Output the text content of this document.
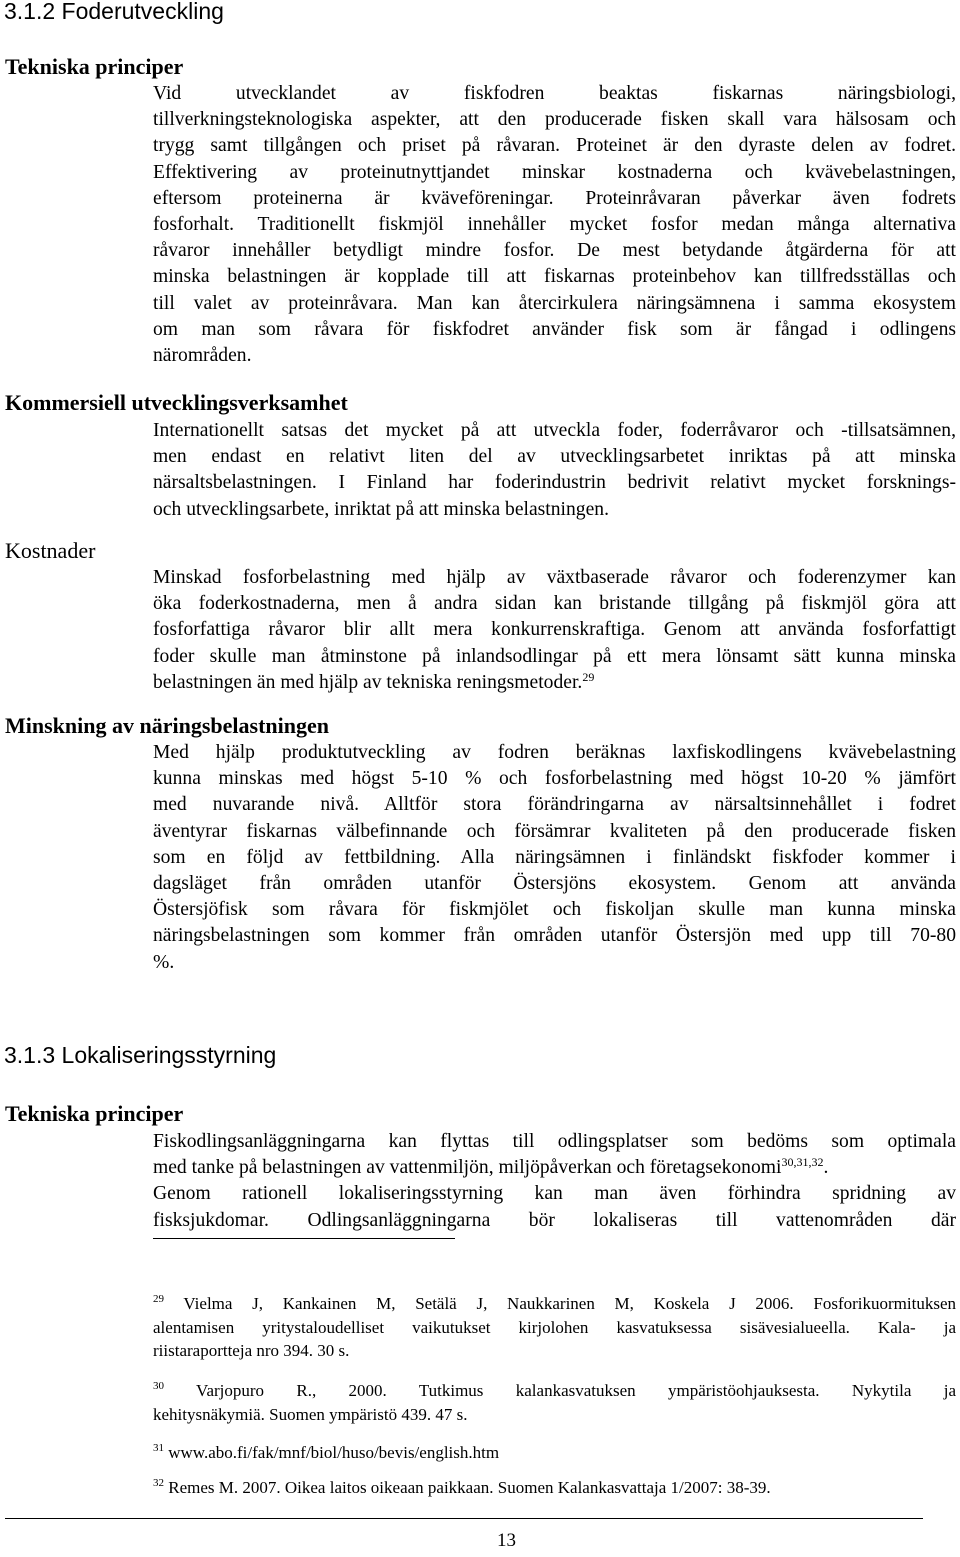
3.1.2 Foderutveckling
Tekniska principer
Vid utvecklandet av fiskfodren beaktas fiskarnas näringsbiologi,
tillverkningsteknologiska aspekter, att den producerade fisken skall vara hälsosam och
trygg samt tillgången och priset på råvaran. Proteinet är den dyraste delen av fodret.
Effektivering av proteinutnyttjandet minskar kostnaderna och kvävebelastningen,
eftersom proteinerna är kväveföreningar. Proteinråvaran påverkar även fodrets
fosforhalt. Traditionellt fiskmjöl innehåller mycket fosfor medan många alternativa
råvaror innehåller betydligt mindre fosfor. De mest betydande åtgärderna för att
minska belastningen är kopplade till att fiskarnas proteinbehov kan tillfredsställas och
till valet av proteinråvara. Man kan återcirkulera näringsämnena i samma ekosystem
om man som råvara för fiskfodret använder fisk som är fångad i odlingens
närområden.
Kommersiell utvecklingsverksamhet
Internationellt satsas det mycket på att utveckla foder, foderråvaror och -tillsatsämnen,
men endast en relativt liten del av utvecklingsarbetet inriktas på att minska
närsaltsbelastningen. I Finland har foderindustrin bedrivit relativt mycket forsknings-
och utvecklingsarbete, inriktat på att minska belastningen.
Kostnader
Minskad fosforbelastning med hjälp av växtbaserade råvaror och foderenzymer kan
öka foderkostnaderna, men å andra sidan kan bristande tillgång på fiskmjöl göra att
fosforfattiga råvaror blir allt mera konkurrenskraftiga. Genom att använda fosforfattigt
foder skulle man åtminstone på inlandsodlingar på ett mera lönsamt sätt kunna minska
belastningen än med hjälp av tekniska reningsmetoder.$^{29}$
Minskning av näringsbelastningen
Med hjälp produktutveckling av fodren beräknas laxfiskodlingens kvävebelastning
kunna minskas med högst 5-10 % och fosforbelastning med högst 10-20 % jämfört
med nuvarande nivå. Alltför stora förändringarna av närsaltsinnehållet i fodret
äventyrar fiskarnas välbefinnande och försämrar kvaliteten på den producerade fisken
som en följd av fettbildning. Alla näringsämnen i finländskt fiskfoder kommer i
dagsläget från områden utanför Östersjöns ekosystem. Genom att använda
Östersjöfisk som råvara för fiskmjölet och fiskoljan skulle man kunna minska
näringsbelastningen som kommer från områden utanför Östersjön med upp till 70-80
%.
3.1.3 Lokaliseringsstyrning
Tekniska principer
Fiskodlingsanläggningarna kan flyttas till odlingsplatser som bedöms som optimala
med tanke på belastningen av vattenmiljön, miljöpåverkan och företagsekonomi$^{30,31,32}$.
Genom rationell lokaliseringsstyrning kan man även förhindra spridning av
fisksjukdomar. Odlingsanläggningarna bör lokaliseras till vattenområden där
$^{29}$ Vielma J, Kankainen M, Setälä J, Naukkarinen M, Koskela J 2006. Fosforikuormituksen
alentamisen yritystaloudelliset vaikutukset kirjolohen kasvatuksessa sisävesialueella. Kala- ja
riistaraportteja nro 394. 30 s.
$^{30}$ Varjopuro R., 2000. Tutkimus kalankasvatuksen ympäristöohjauksesta. Nykytila ja
kehitysnäkymiä. Suomen ympäristö 439. 47 s.
$^{31}$ www.abo.fi/fak/mnf/biol/huso/bevis/english.htm
$^{32}$ Remes M. 2007. Oikea laitos oikeaan paikkaan. Suomen Kalankasvattaja 1/2007: 38-39.
13
